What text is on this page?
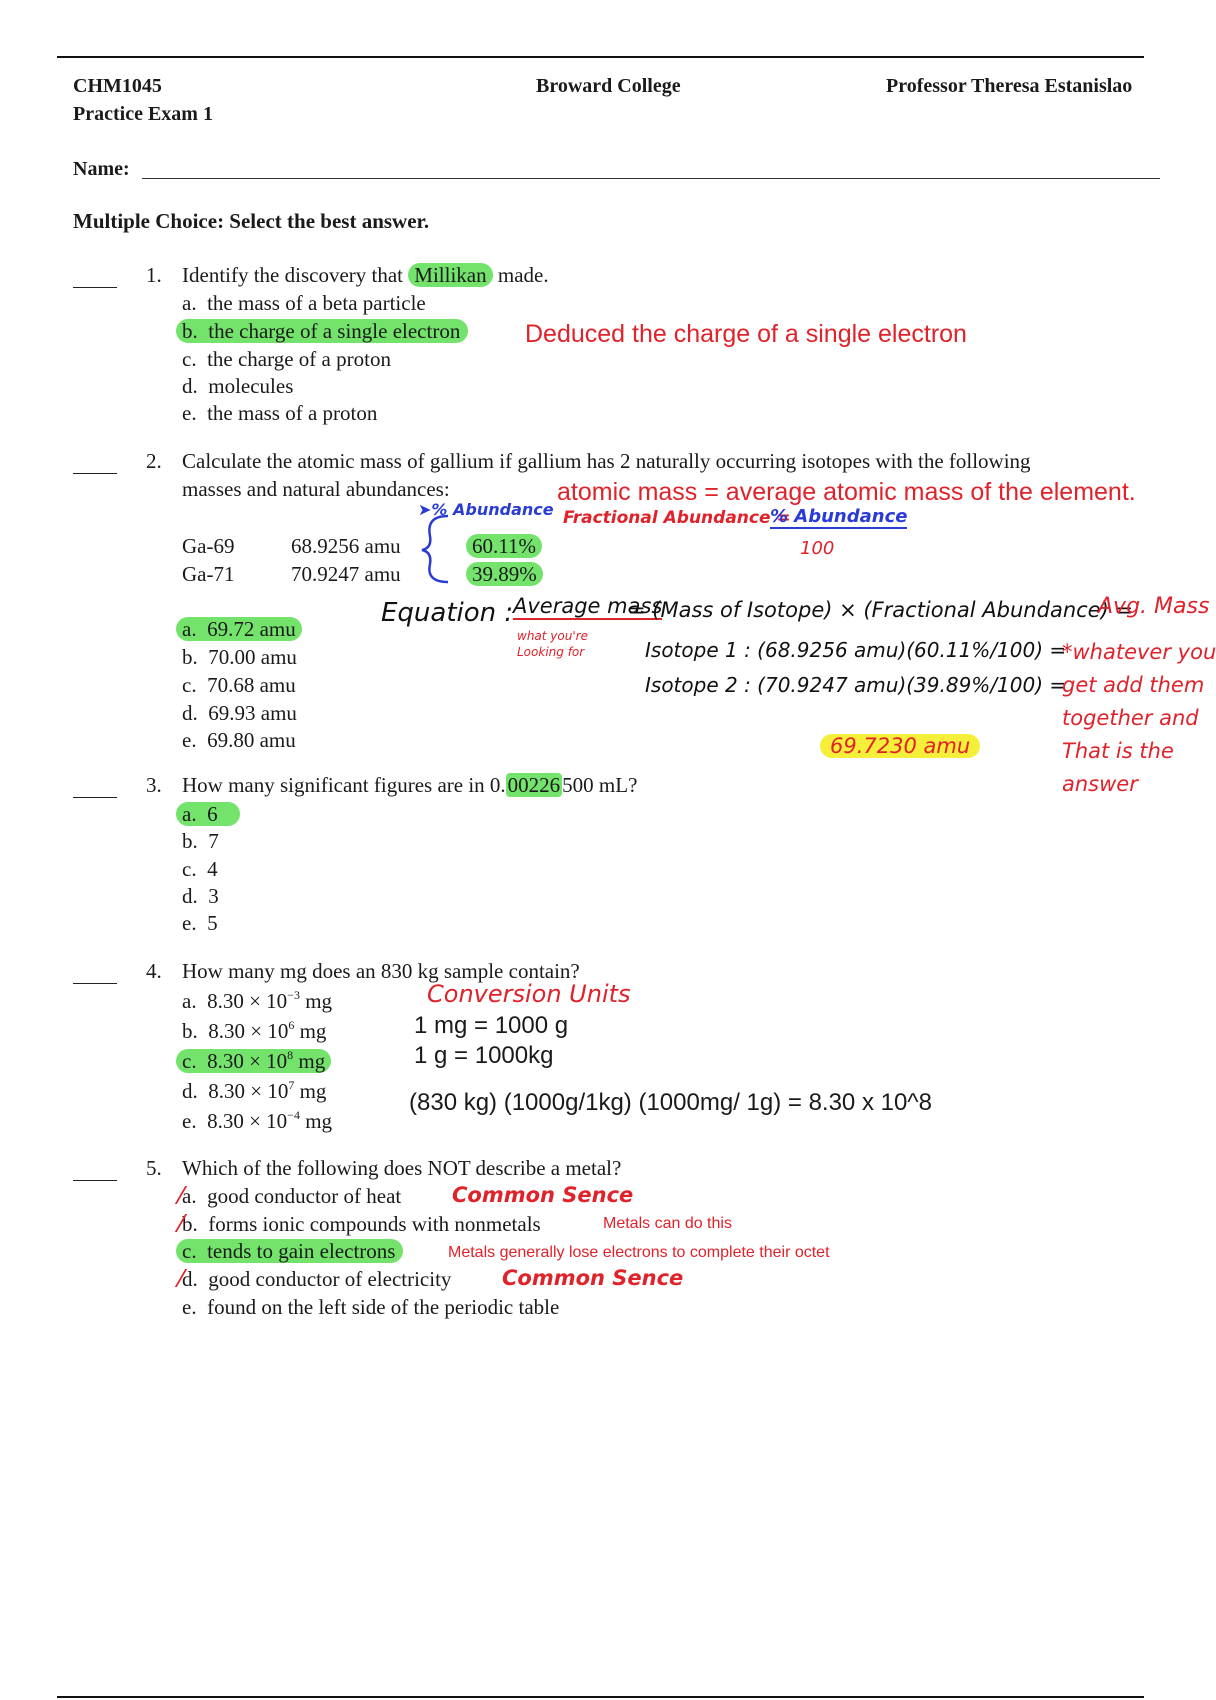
CHM1045	Broward College	Professor Theresa Estanislao
Practice Exam 1
Name:
Multiple Choice: Select the best answer.
1. Identify the discovery that Millikan made.
a. the mass of a beta particle
b. the charge of a single electron	Deduced the charge of a single electron
c. the charge of a proton
d. molecules
e. the mass of a proton
2. Calculate the atomic mass of gallium if gallium has 2 naturally occurring isotopes with the following
masses and natural abundances:	atomic mass = average atomic mass of the element.
➤% Abundance Fractional Abundance =
% Abundance
100
Ga-69	68.9256 amu	60.11%
Ga-71	70.9247 amu	39.89%
Equation : Average mass
what you're Looking for
= (Mass of Isotope) × (Fractional Abundance) =
Avg. Mass
Isotope 1 : (68.9256 amu)(60.11%/100) =
Isotope 2 : (70.9247 amu)(39.89%/100) =
*whatever you
get add them
together and
That is the
answer
69.7230 amu
a. 69.72 amu
b. 70.00 amu
c. 70.68 amu
d. 69.93 amu
e. 69.80 amu
3. How many significant figures are in 0.00226500 mL?
a. 6
b. 7
c. 4
d. 3
e. 5
4. How many mg does an 830 kg sample contain?
a. $8.30 \times 10^{-3}$ mg
b. $8.30 \times 10^6$ mg
c. $8.30 \times 10^8$ mg
d. $8.30 \times 10^7$ mg
e. $8.30 \times 10^{-4}$ mg
Conversion Units
1 mg = 1000 g
1 g = 1000kg
(830 kg) (1000g/1kg) (1000mg/ 1g) = 8.30 x 10^8
5. Which of the following does NOT describe a metal?
a. good conductor of heat Common Sence
b. forms ionic compounds with nonmetals	Metals can do this
c. tends to gain electrons	Metals generally lose electrons to complete their octet
d. good conductor of electricity Common Sence
e. found on the left side of the periodic table
